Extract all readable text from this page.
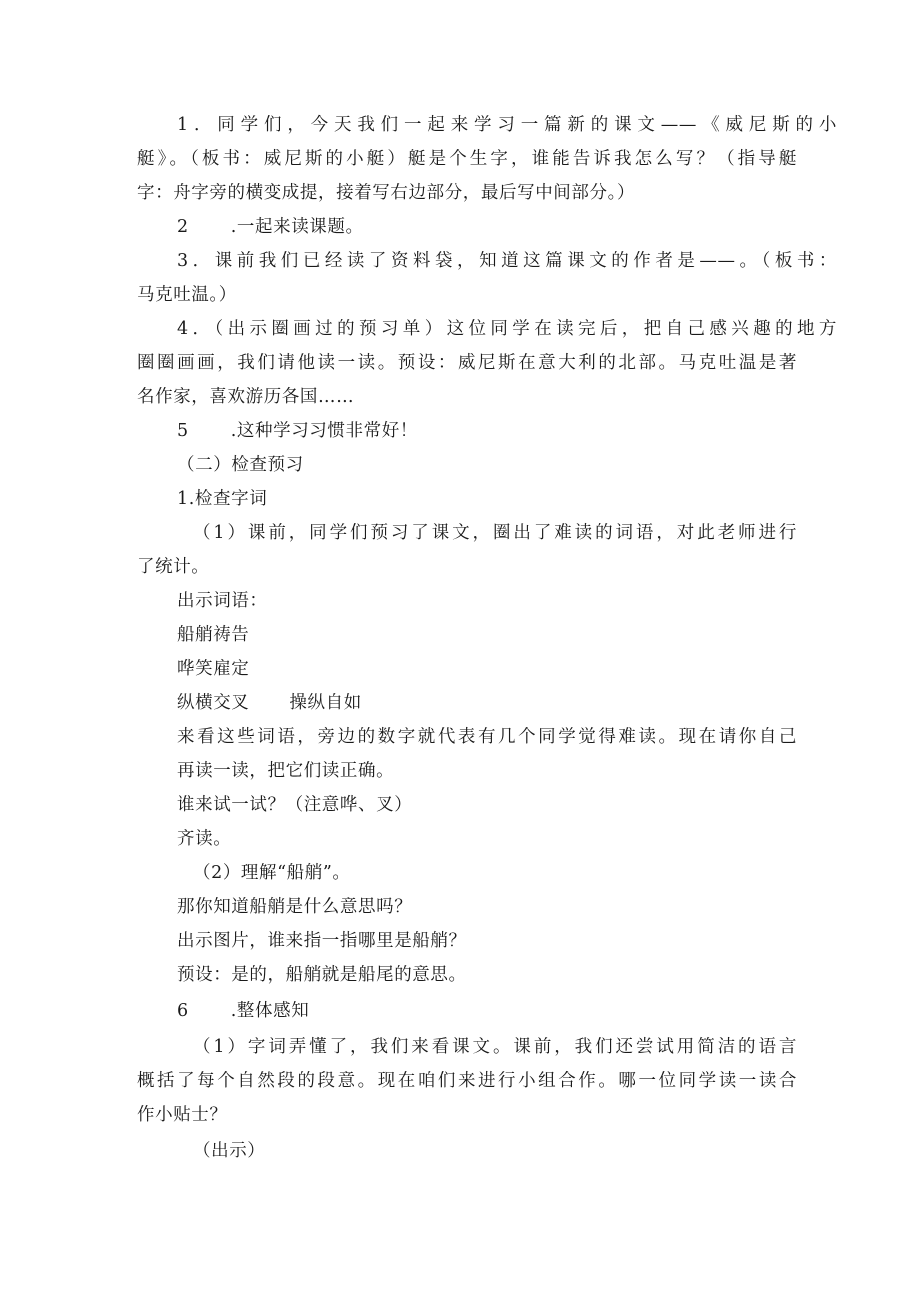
1．同学们，今天我们一起来学习一篇新的课文——《威尼斯的小
艇》。（板书：威尼斯的小艇）艇是个生字，谁能告诉我怎么写？（指导艇
字：舟字旁的横变成提，接着写右边部分，最后写中间部分。）
2 .一起来读课题。
3．课前我们已经读了资料袋，知道这篇课文的作者是——。（板书：
马克吐温。）
4．（出示圈画过的预习单）这位同学在读完后，把自己感兴趣的地方
圈圈画画，我们请他读一读。预设：威尼斯在意大利的北部。马克吐温是著
名作家，喜欢游历各国……
5 .这种学习习惯非常好！
（二）检查预习
1.检查字词
（1）课前，同学们预习了课文，圈出了难读的词语，对此老师进行
了统计。
出示词语：
船艄祷告
哗笑雇定
纵横交叉 操纵自如
来看这些词语，旁边的数字就代表有几个同学觉得难读。现在请你自己
再读一读，把它们读正确。
谁来试一试？（注意哗、叉）
齐读。
（2）理解“船艄”。
那你知道船艄是什么意思吗？
出示图片，谁来指一指哪里是船艄？
预设：是的，船艄就是船尾的意思。
6 .整体感知
（1）字词弄懂了，我们来看课文。课前，我们还尝试用简洁的语言
概括了每个自然段的段意。现在咱们来进行小组合作。哪一位同学读一读合
作小贴士？
（出示）
